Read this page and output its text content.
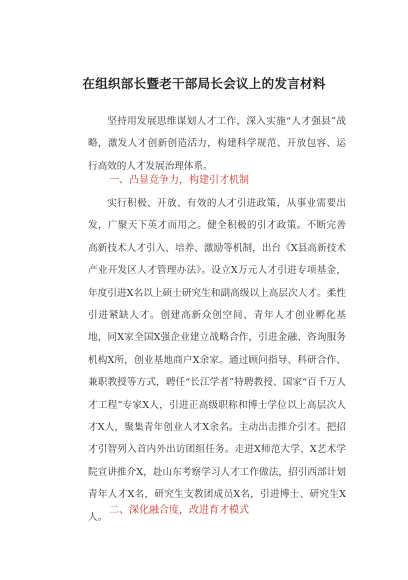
在组织部长暨老干部局长会议上的发言材料
坚持用发展思维谋划人才工作，深入实施“人才强县”战略，激发人才创新创造活力，构建科学规范、开放包容、运行高效的人才发展治理体系。
一、凸显竞争力，构建引才机制
实行积极、开放、有效的人才引进政策，从事业需要出发，广聚天下英才而用之。健全积极的引才政策。不断完善高新技术人才引入、培养、激励等机制，出台《X县高新技术产业开发区人才管理办法》。设立X万元人才引进专项基金，年度引进X名以上硕士研究生和副高级以上高层次人才。柔性引进紧缺人才。创建高新众创空间、青年人才创业孵化基地，同X家全国X强企业建立战略合作，引进金融、咨询服务机构X所，创业基地商户X余家。通过顾问指导、科研合作、兼职教授等方式，聘任“长江学者”特聘教授、国家“百千万人才工程”专家X人，引进正高级职称和博士学位以上高层次人才X人，聚集青年创业人才X余名。主动出击推介引才。把招才引智列入首内外出访团组任务。走进X师范大学、X艺术学院宣讲推介X，赴山东考察学习人才工作做法，招引西部计划青年人才X名，研究生支教团成员X名，引进博士、研究生X人。
二、深化融合度，改进育才模式
